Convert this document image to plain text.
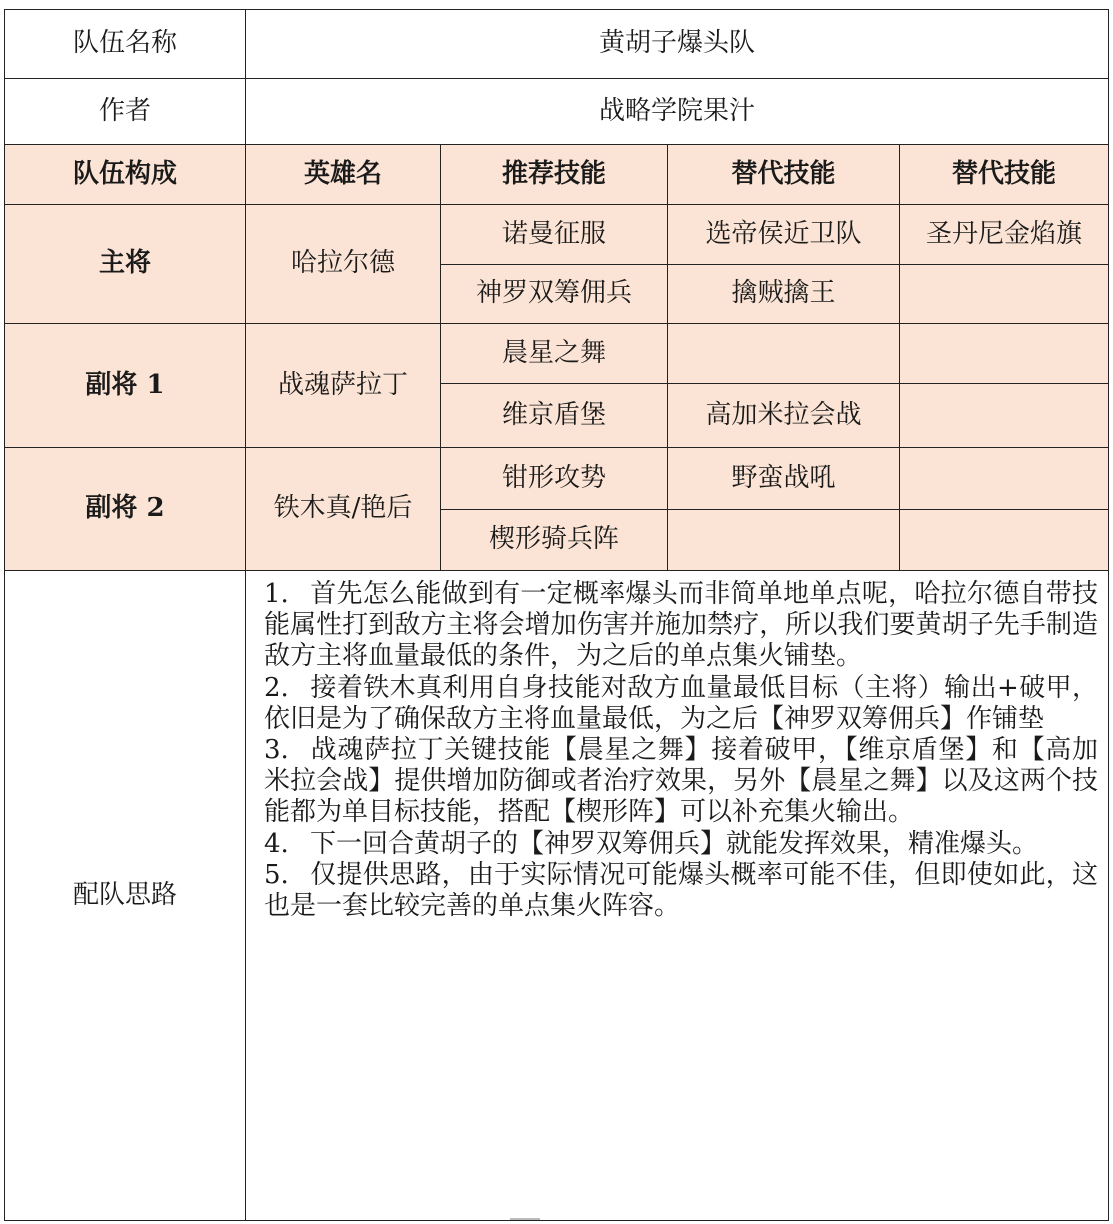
队伍名称	黄胡子爆头队			
作者	战略学院果汁			
队伍构成	英雄名	推荐技能	替代技能	替代技能
主将	哈拉尔德	诺曼征服	选帝侯近卫队	圣丹尼金焰旗
		神罗双筹佣兵	擒贼擒王	
副将 1	战魂萨拉丁	晨星之舞		
		维京盾堡	高加米拉会战	
副将 2	铁木真/艳后	钳形攻势	野蛮战吼	
		楔形骑兵阵		
配队思路	1. 首先怎么能做到有一定概率爆头而非简单地单点呢，哈拉尔德自带技能属性打到敌方主将会增加伤害并施加禁疗，所以我们要黄胡子先手制造敌方主将血量最低的条件，为之后的单点集火铺垫。

2. 接着铁木真利用自身技能对敌方血量最低目标（主将）输出+破甲，依旧是为了确保敌方主将血量最低，为之后【神罗双筹佣兵】作铺垫

3. 战魂萨拉丁关键技能【晨星之舞】接着破甲，【维京盾堡】和【高加米拉会战】提供增加防御或者治疗效果，另外【晨星之舞】以及这两个技能都为单目标技能，搭配【楔形阵】可以补充集火输出。

4. 下一回合黄胡子的【神罗双筹佣兵】就能发挥效果，精准爆头。

5. 仅提供思路，由于实际情况可能爆头概率可能不佳，但即使如此，这也是一套比较完善的单点集火阵容。			
